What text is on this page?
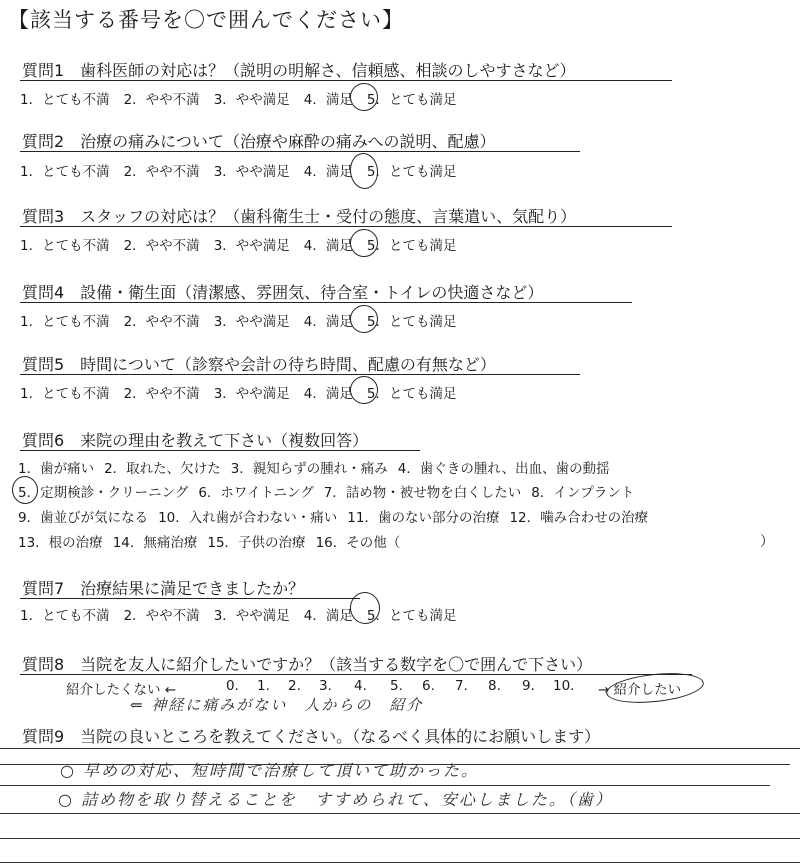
【該当する番号を〇で囲んでください】
質問1　歯科医師の対応は？（説明の明解さ、信頼感、相談のしやすさなど）
1．とても不満 2．やや不満 3．やや満足 4．満足 5．とても満足
質問2　治療の痛みについて（治療や麻酔の痛みへの説明、配慮）
1．とても不満 2．やや不満 3．やや満足 4．満足 5．とても満足
質問3　スタッフの対応は？（歯科衛生士・受付の態度、言葉遣い、気配り）
1．とても不満 2．やや不満 3．やや満足 4．満足 5．とても満足
質問4　設備・衛生面（清潔感、雰囲気、待合室・トイレの快適さなど）
1．とても不満 2．やや不満 3．やや満足 4．満足 5．とても満足
質問5　時間について（診察や会計の待ち時間、配慮の有無など）
1．とても不満 2．やや不満 3．やや満足 4．満足 5．とても満足
質問6　来院の理由を教えて下さい（複数回答）
1．歯が痛い 2．取れた、欠けた 3．親知らずの腫れ・痛み 4．歯ぐきの腫れ、出血、歯の動揺
5．定期検診・クリーニング 6．ホワイトニング 7．詰め物・被せ物を白くしたい 8．インプラント
9．歯並びが気になる 10．入れ歯が合わない・痛い 11．歯のない部分の治療 12．噛み合わせの治療
13．根の治療 14．無痛治療 15．子供の治療 16．その他（	）
質問7　治療結果に満足できましたか？
1．とても不満 2．やや不満 3．やや満足 4．満足 5．とても満足
質問8　当院を友人に紹介したいですか？（該当する数字を〇で囲んで下さい）
紹介したくない ←	0. 1. 2. 3. 4. 5. 6. 7. 8. 9. 10. → 紹介したい
⇐ 神経に痛みがない　人からの　紹介
質問9　当院の良いところを教えてください。（なるべく具体的にお願いします）
○ 早めの対応、短時間で治療して頂いて助かった。
○ 詰め物を取り替えることを　すすめられて、安心しました。（歯）
